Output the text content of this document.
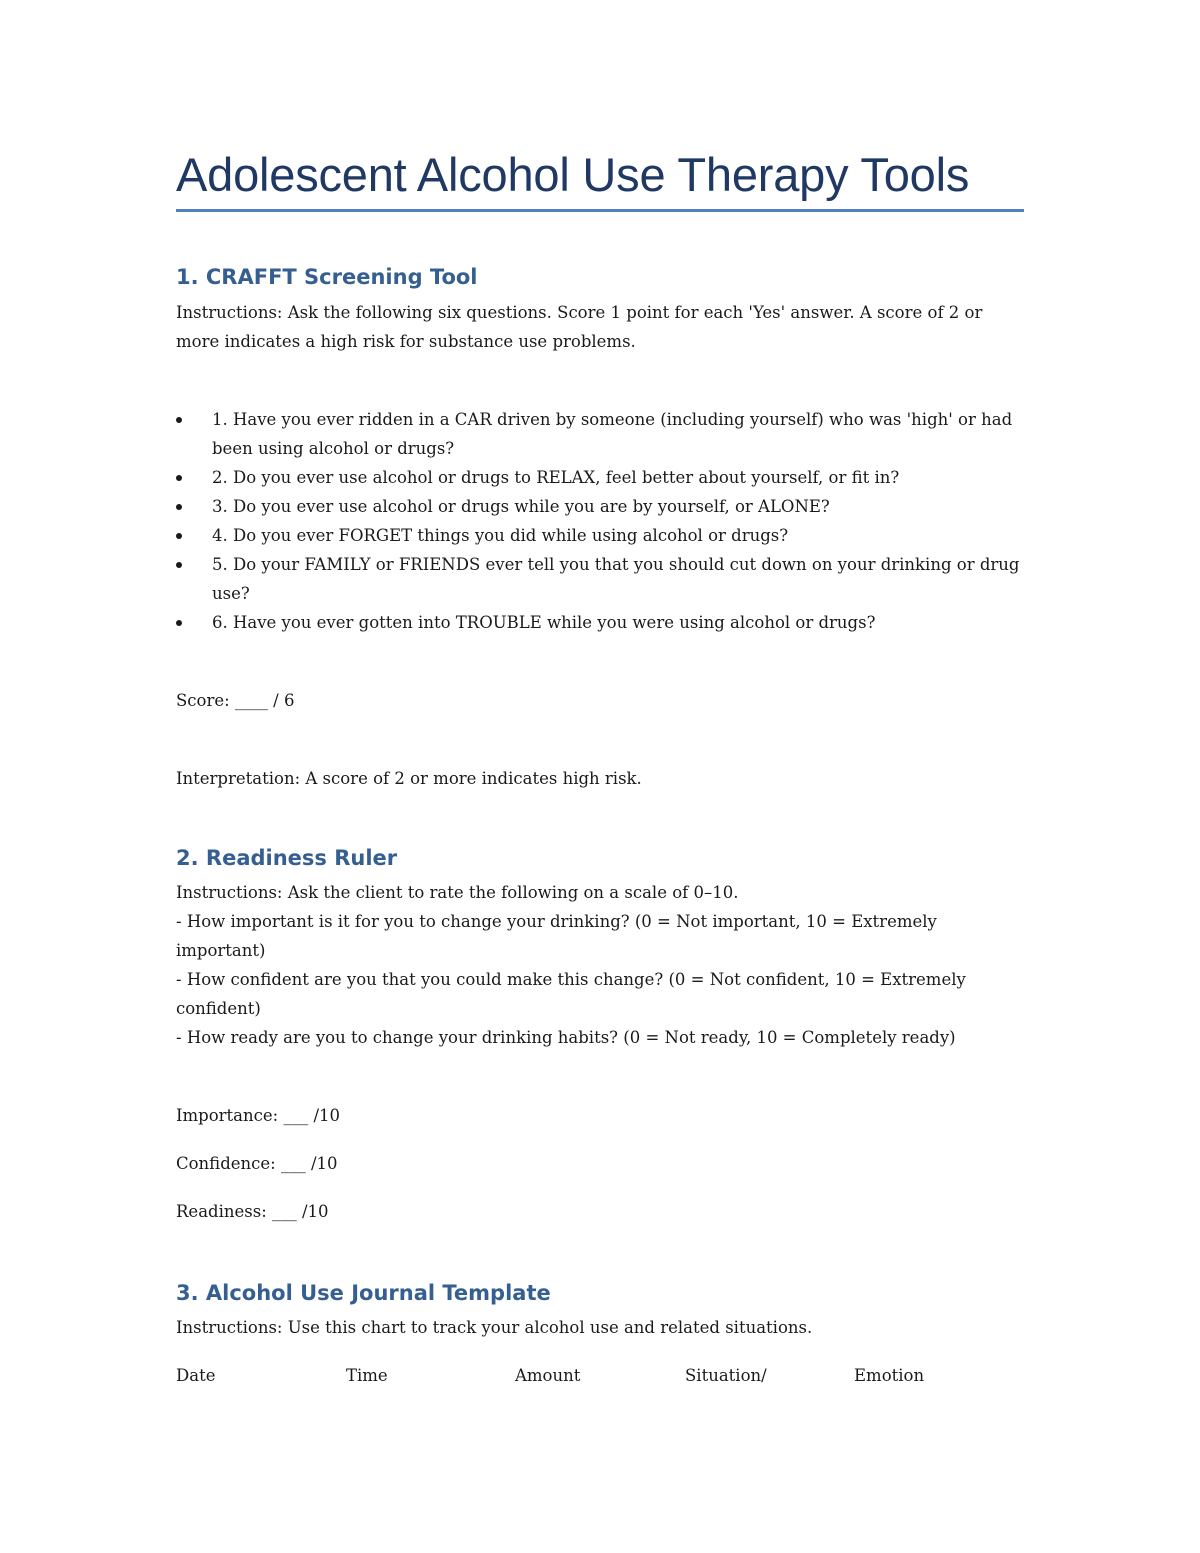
Adolescent Alcohol Use Therapy Tools
1. CRAFFT Screening Tool

Instructions: Ask the following six questions. Score 1 point for each 'Yes' answer. A score of 2 or more indicates a high risk for substance use problems.

1. Have you ever ridden in a CAR driven by someone (including yourself) who was 'high' or had been using alcohol or drugs?
2. Do you ever use alcohol or drugs to RELAX, feel better about yourself, or fit in?
3. Do you ever use alcohol or drugs while you are by yourself, or ALONE?
4. Do you ever FORGET things you did while using alcohol or drugs?
5. Do your FAMILY or FRIENDS ever tell you that you should cut down on your drinking or drug use?
6. Have you ever gotten into TROUBLE while you were using alcohol or drugs?

Score: ____ / 6

Interpretation: A score of 2 or more indicates high risk.

2. Readiness Ruler

Instructions: Ask the client to rate the following on a scale of 0–10.

- How important is it for you to change your drinking? (0 = Not important, 10 = Extremely important)

- How confident are you that you could make this change? (0 = Not confident, 10 = Extremely confident)

- How ready are you to change your drinking habits? (0 = Not ready, 10 = Completely ready)

Importance: ___ /10

Confidence: ___ /10

Readiness: ___ /10

3. Alcohol Use Journal Template

Instructions: Use this chart to track your alcohol use and related situations.

Date	Time	Amount	Situation/	Emotion
